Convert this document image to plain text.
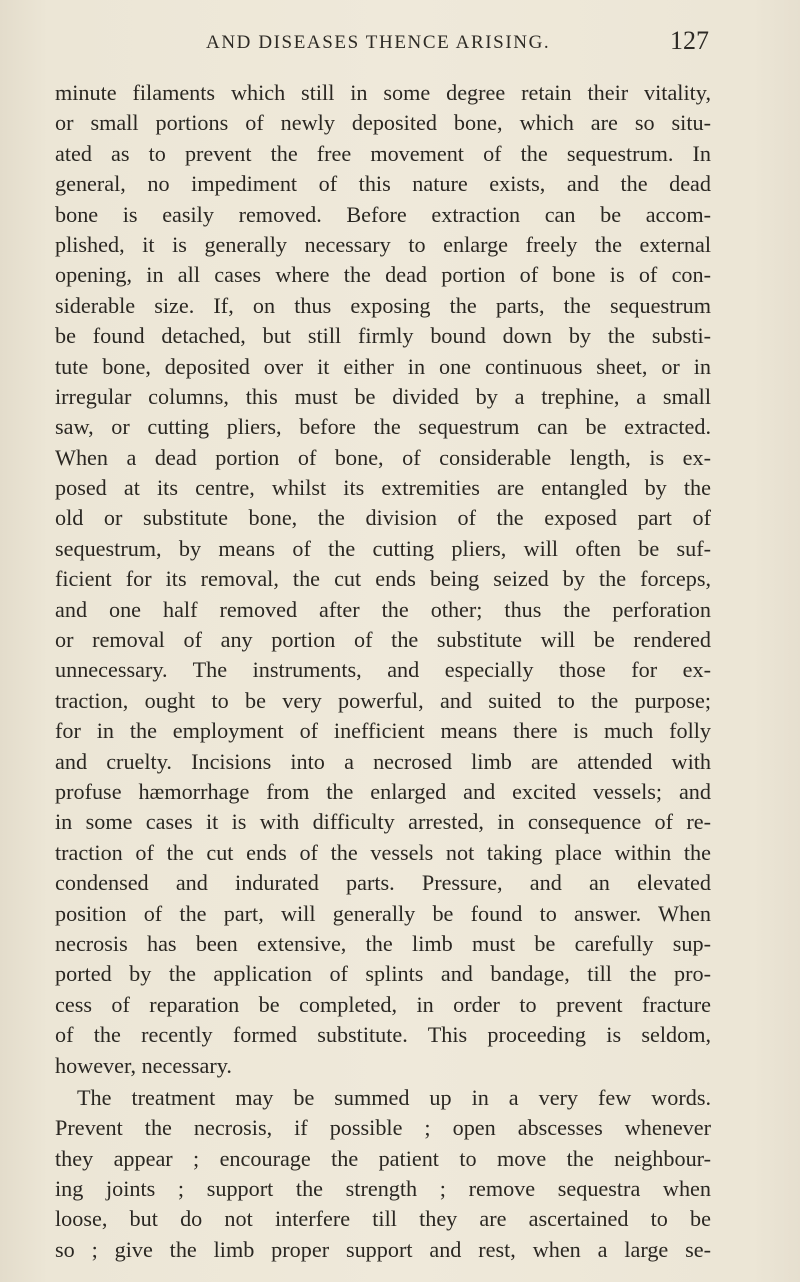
AND DISEASES THENCE ARISING.	127
minute filaments which still in some degree retain their vitality,
or small portions of newly deposited bone, which are so situ-
ated as to prevent the free movement of the sequestrum. In
general, no impediment of this nature exists, and the dead
bone is easily removed. Before extraction can be accom-
plished, it is generally necessary to enlarge freely the external
opening, in all cases where the dead portion of bone is of con-
siderable size. If, on thus exposing the parts, the sequestrum
be found detached, but still firmly bound down by the substi-
tute bone, deposited over it either in one continuous sheet, or in
irregular columns, this must be divided by a trephine, a small
saw, or cutting pliers, before the sequestrum can be extracted.
When a dead portion of bone, of considerable length, is ex-
posed at its centre, whilst its extremities are entangled by the
old or substitute bone, the division of the exposed part of
sequestrum, by means of the cutting pliers, will often be suf-
ficient for its removal, the cut ends being seized by the forceps,
and one half removed after the other; thus the perforation
or removal of any portion of the substitute will be rendered
unnecessary. The instruments, and especially those for ex-
traction, ought to be very powerful, and suited to the purpose;
for in the employment of inefficient means there is much folly
and cruelty. Incisions into a necrosed limb are attended with
profuse hæmorrhage from the enlarged and excited vessels; and
in some cases it is with difficulty arrested, in consequence of re-
traction of the cut ends of the vessels not taking place within the
condensed and indurated parts. Pressure, and an elevated
position of the part, will generally be found to answer. When
necrosis has been extensive, the limb must be carefully sup-
ported by the application of splints and bandage, till the pro-
cess of reparation be completed, in order to prevent fracture
of the recently formed substitute. This proceeding is seldom,
however, necessary.
The treatment may be summed up in a very few words.
Prevent the necrosis, if possible ; open abscesses whenever
they appear ; encourage the patient to move the neighbour-
ing joints ; support the strength ; remove sequestra when
loose, but do not interfere till they are ascertained to be
so ; give the limb proper support and rest, when a large se-
